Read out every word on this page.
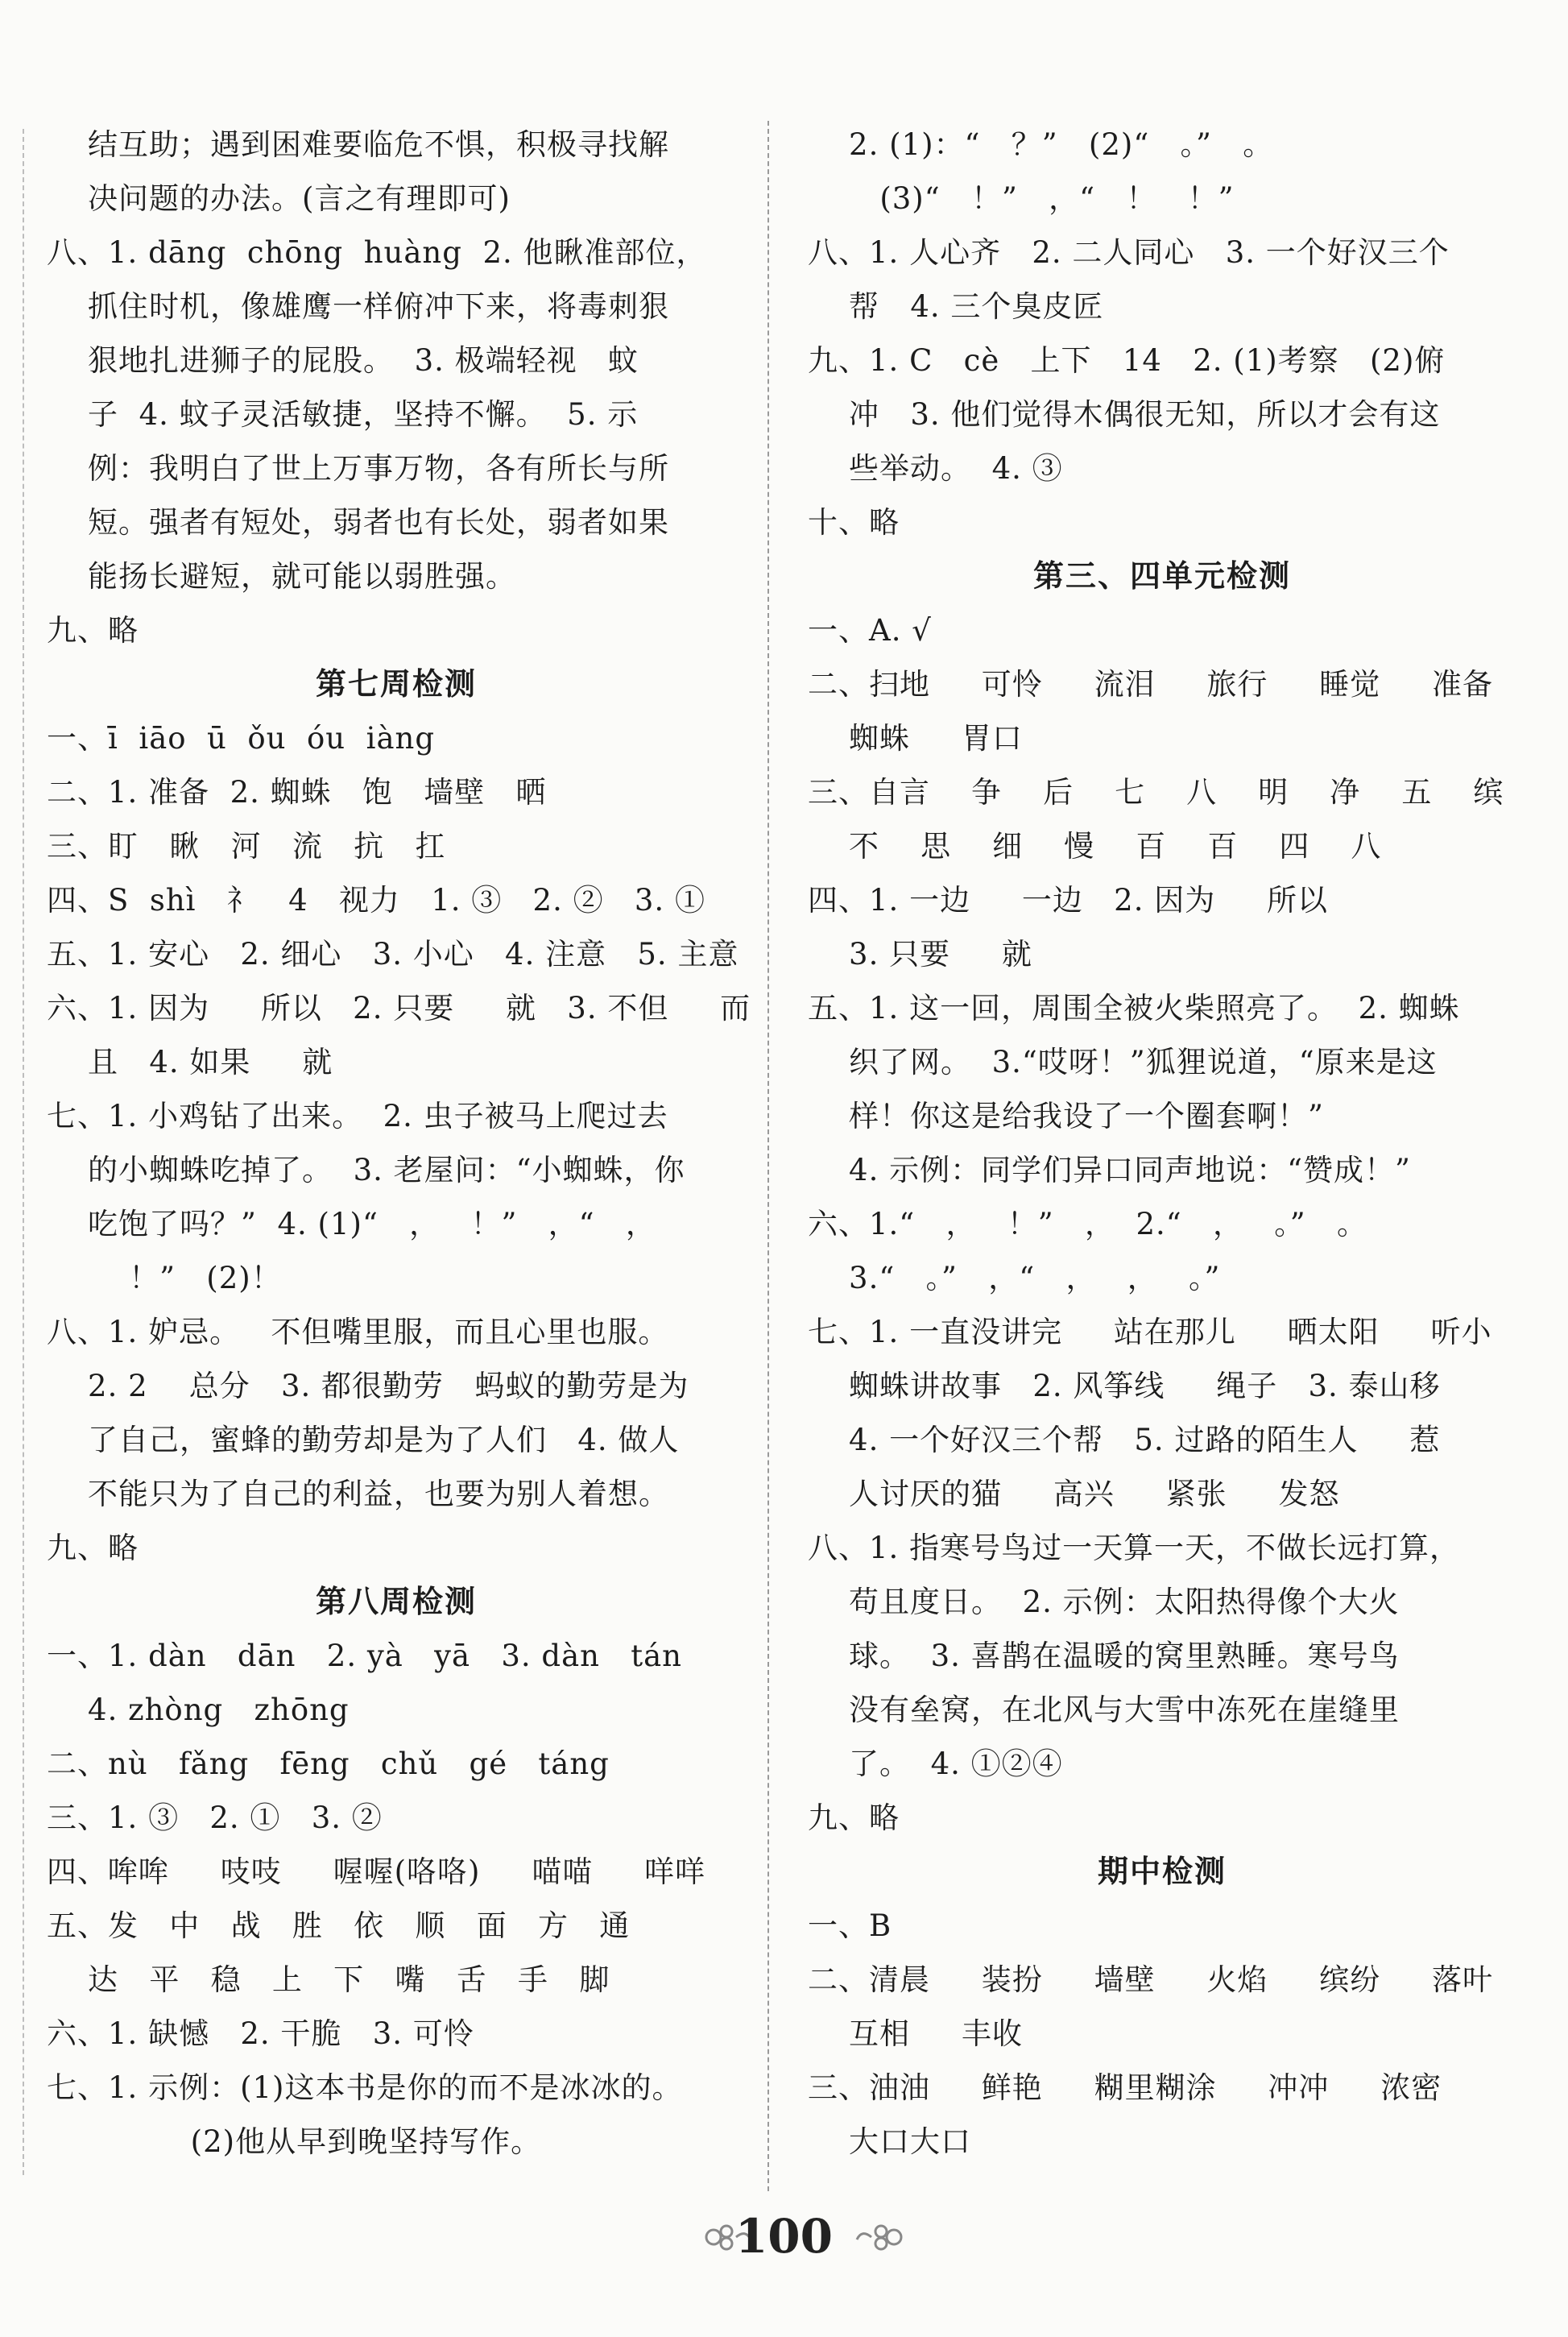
结互助；遇到困难要临危不惧，积极寻找解
决问题的办法。(言之有理即可)
八、1. dāng  chōng  huàng  2. 他瞅准部位，
抓住时机，像雄鹰一样俯冲下来，将毒刺狠
狠地扎进狮子的屁股。  3. 极端轻视   蚊
子  4. 蚊子灵活敏捷，坚持不懈。  5. 示
例：我明白了世上万事万物，各有所长与所
短。强者有短处，弱者也有长处，弱者如果
能扬长避短，就可能以弱胜强。
九、略
第七周检测
一、ī  iāo  ū  ǒu  óu  iàng
二、1. 准备  2. 蜘蛛   饱   墙壁   晒
三、盯   瞅   河   流   抗   扛
四、S  shì   礻   4   视力   1. ③   2. ②   3. ①
五、1. 安心   2. 细心   3. 小心   4. 注意   5. 主意
六、1. 因为     所以   2. 只要     就   3. 不但     而
且   4. 如果     就
七、1. 小鸡钻了出来。  2. 虫子被马上爬过去
的小蜘蛛吃掉了。  3. 老屋问：“小蜘蛛，你
吃饱了吗？”  4. (1)“   ，   ！”   ，“   ，
！”   (2)！
八、1. 妒忌。   不但嘴里服，而且心里也服。
2. 2    总分   3. 都很勤劳   蚂蚁的勤劳是为
了自己，蜜蜂的勤劳却是为了人们   4. 做人
不能只为了自己的利益，也要为别人着想。
九、略
第八周检测
一、1. dàn   dān   2. yà   yā   3. dàn   tán
4. zhòng   zhōng
二、nù   fǎng   fēng   chǔ   gé   táng
三、1. ③   2. ①   3. ②
四、哞哞     吱吱     喔喔(咯咯)     喵喵     咩咩
五、发   中   战   胜   依   顺   面   方   通
达   平   稳   上   下   嘴   舌   手   脚
六、1. 缺憾   2. 干脆   3. 可怜
七、1. 示例：(1)这本书是你的而不是冰冰的。
(2)他从早到晚坚持写作。
2. (1)：“   ？”   (2)“   。”   。
(3)“   ！”   ，“   ！   ！”
八、1. 人心齐   2. 二人同心   3. 一个好汉三个
帮   4. 三个臭皮匠
九、1. C   cè   上下   14   2. (1)考察   (2)俯
冲   3. 他们觉得木偶很无知，所以才会有这
些举动。  4. ③
十、略
第三、四单元检测
一、A. √
二、扫地     可怜     流泪     旅行     睡觉     准备
蜘蛛     胃口
三、自言    争    后    七    八    明    净    五    缤
不    思    细    慢    百    百    四    八
四、1. 一边     一边   2. 因为     所以
3. 只要     就
五、1. 这一回，周围全被火柴照亮了。  2. 蜘蛛
织了网。  3.“哎呀！”狐狸说道，“原来是这
样！你这是给我设了一个圈套啊！”
4. 示例：同学们异口同声地说：“赞成！”
六、1.“   ，   ！”   ，  2.“   ，   。”   。
3.“   。”   ，“   ，   ，   。”
七、1. 一直没讲完     站在那儿     晒太阳     听小
蜘蛛讲故事   2. 风筝线     绳子   3. 泰山移
4. 一个好汉三个帮   5. 过路的陌生人     惹
人讨厌的猫     高兴     紧张     发怒
八、1. 指寒号鸟过一天算一天，不做长远打算，
苟且度日。  2. 示例：太阳热得像个大火
球。  3. 喜鹊在温暖的窝里熟睡。寒号鸟
没有垒窝，在北风与大雪中冻死在崖缝里
了。  4. ①②④
九、略
期中检测
一、B
二、清晨     装扮     墙壁     火焰     缤纷     落叶
互相     丰收
三、油油     鲜艳     糊里糊涂     冲冲     浓密
大口大口
100
